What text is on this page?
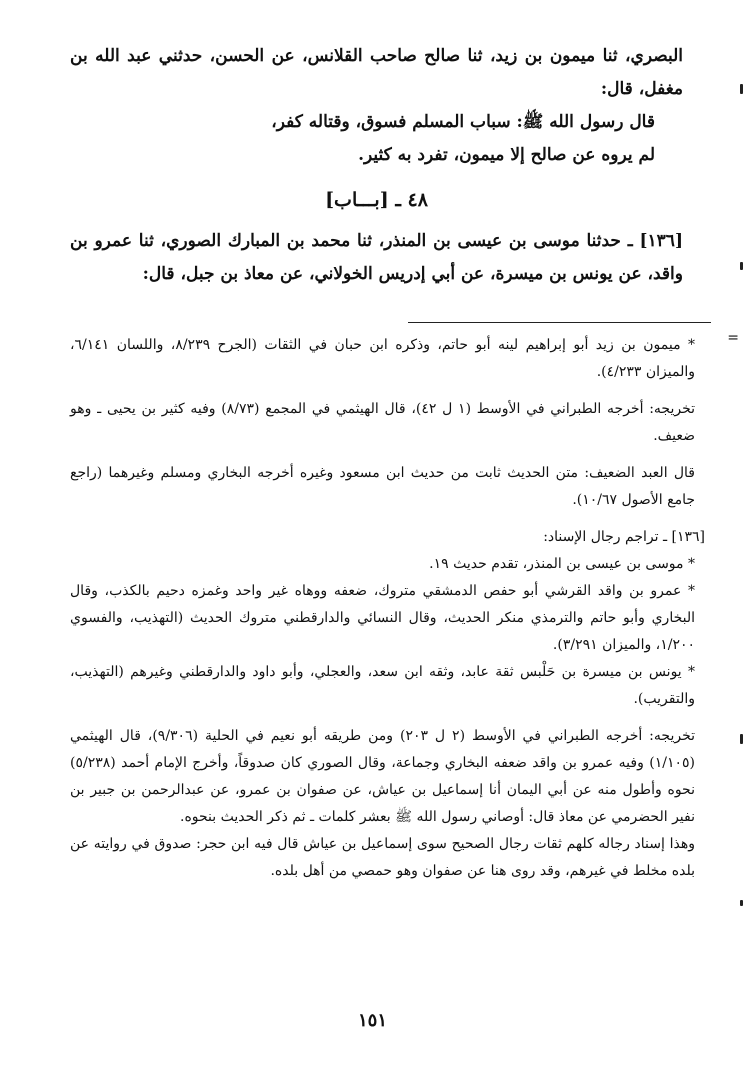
البصري، ثنا ميمون بن زيد، ثنا صالح صاحب القلانس، عن الحسن، حدثني عبد الله بن مغفل، قال:

قال رسول الله ﷺ: سباب المسلم فسوق، وقتاله كفر،

لم يروه عن صالح إلا ميمون، تفرد به كثير.

٤٨ ـ [بـــاب]

[١٣٦] ـ حدثنا موسى بن عيسى بن المنذر، ثنا محمد بن المبارك الصوري، ثنا عمرو بن واقد، عن يونس بن ميسرة، عن أبي إدريس الخولاني، عن معاذ بن جبل، قال:

=

* ميمون بن زيد أبو إبراهيم لينه أبو حاتم، وذكره ابن حبان في الثقات (الجرح ٨/٢٣٩، واللسان ٦/١٤١، والميزان ٤/٢٣٣).

تخريجه: أخرجه الطبراني في الأوسط (١ ل ٤٢)، قال الهيثمي في المجمع (٨/٧٣) وفيه كثير بن يحيى ـ وهو ضعيف.

قال العبد الضعيف: متن الحديث ثابت من حديث ابن مسعود وغيره أخرجه البخاري ومسلم وغيرهما (راجع جامع الأصول ١٠/٦٧).

[١٣٦] ـ تراجم رجال الإسناد:

* موسى بن عيسى بن المنذر، تقدم حديث ١٩.

* عمرو بن واقد القرشي أبو حفص الدمشقي متروك، ضعفه ووهاه غير واحد وغمزه دحيم بالكذب، وقال البخاري وأبو حاتم والترمذي منكر الحديث، وقال النسائي والدارقطني متروك الحديث (التهذيب، والفسوي ١/٢٠٠، والميزان ٣/٢٩١).

* يونس بن ميسرة بن حَلْبس ثقة عابد، وثقه ابن سعد، والعجلي، وأبو داود والدارقطني وغيرهم (التهذيب، والتقريب).

تخريجه: أخرجه الطبراني في الأوسط (٢ ل ٢٠٣) ومن طريقه أبو نعيم في الحلية (٩/٣٠٦)، قال الهيثمي (١/١٠٥) وفيه عمرو بن واقد ضعفه البخاري وجماعة، وقال الصوري كان صدوقاً، وأخرج الإمام أحمد (٥/٢٣٨) نحوه وأطول منه عن أبي اليمان أنا إسماعيل بن عياش، عن صفوان بن عمرو، عن عبدالرحمن بن جبير بن نفير الحضرمي عن معاذ قال: أوصاني رسول الله ﷺ بعشر كلمات ـ ثم ذكر الحديث بنحوه.

وهذا إسناد رجاله كلهم ثقات رجال الصحيح سوى إسماعيل بن عياش قال فيه ابن حجر: صدوق في روايته عن بلده مخلط في غيرهم، وقد روى هنا عن صفوان وهو حمصي من أهل بلده.

١٥١
